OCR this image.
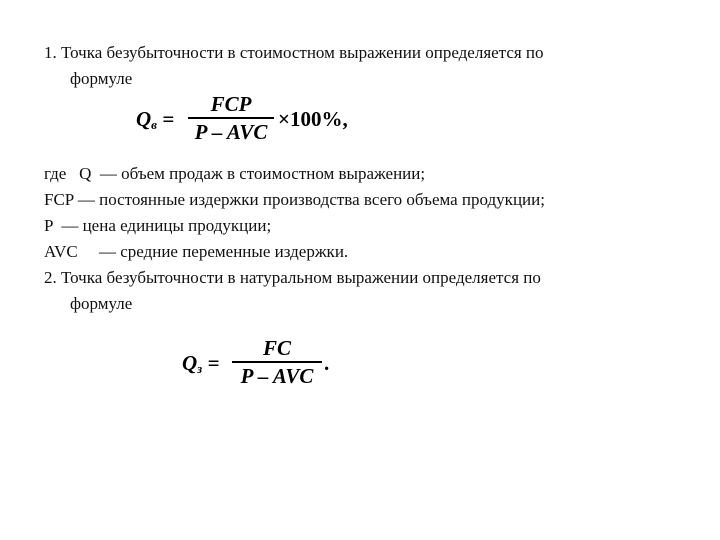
1. Точка безубыточности в стоимостном выражении определяется по
формуле
$Q_в$ =
FCP
P – AVC
×100%,
где   Q  — объем продаж в стоимостном выражении;
FCP — постоянные издержки производства всего объема продукции;
P  — цена единицы продукции;
AVC     — средние переменные издержки.
2. Точка безубыточности в натуральном выражении определяется по
формуле
$Q_з$ =
FC
P – AVC
.
